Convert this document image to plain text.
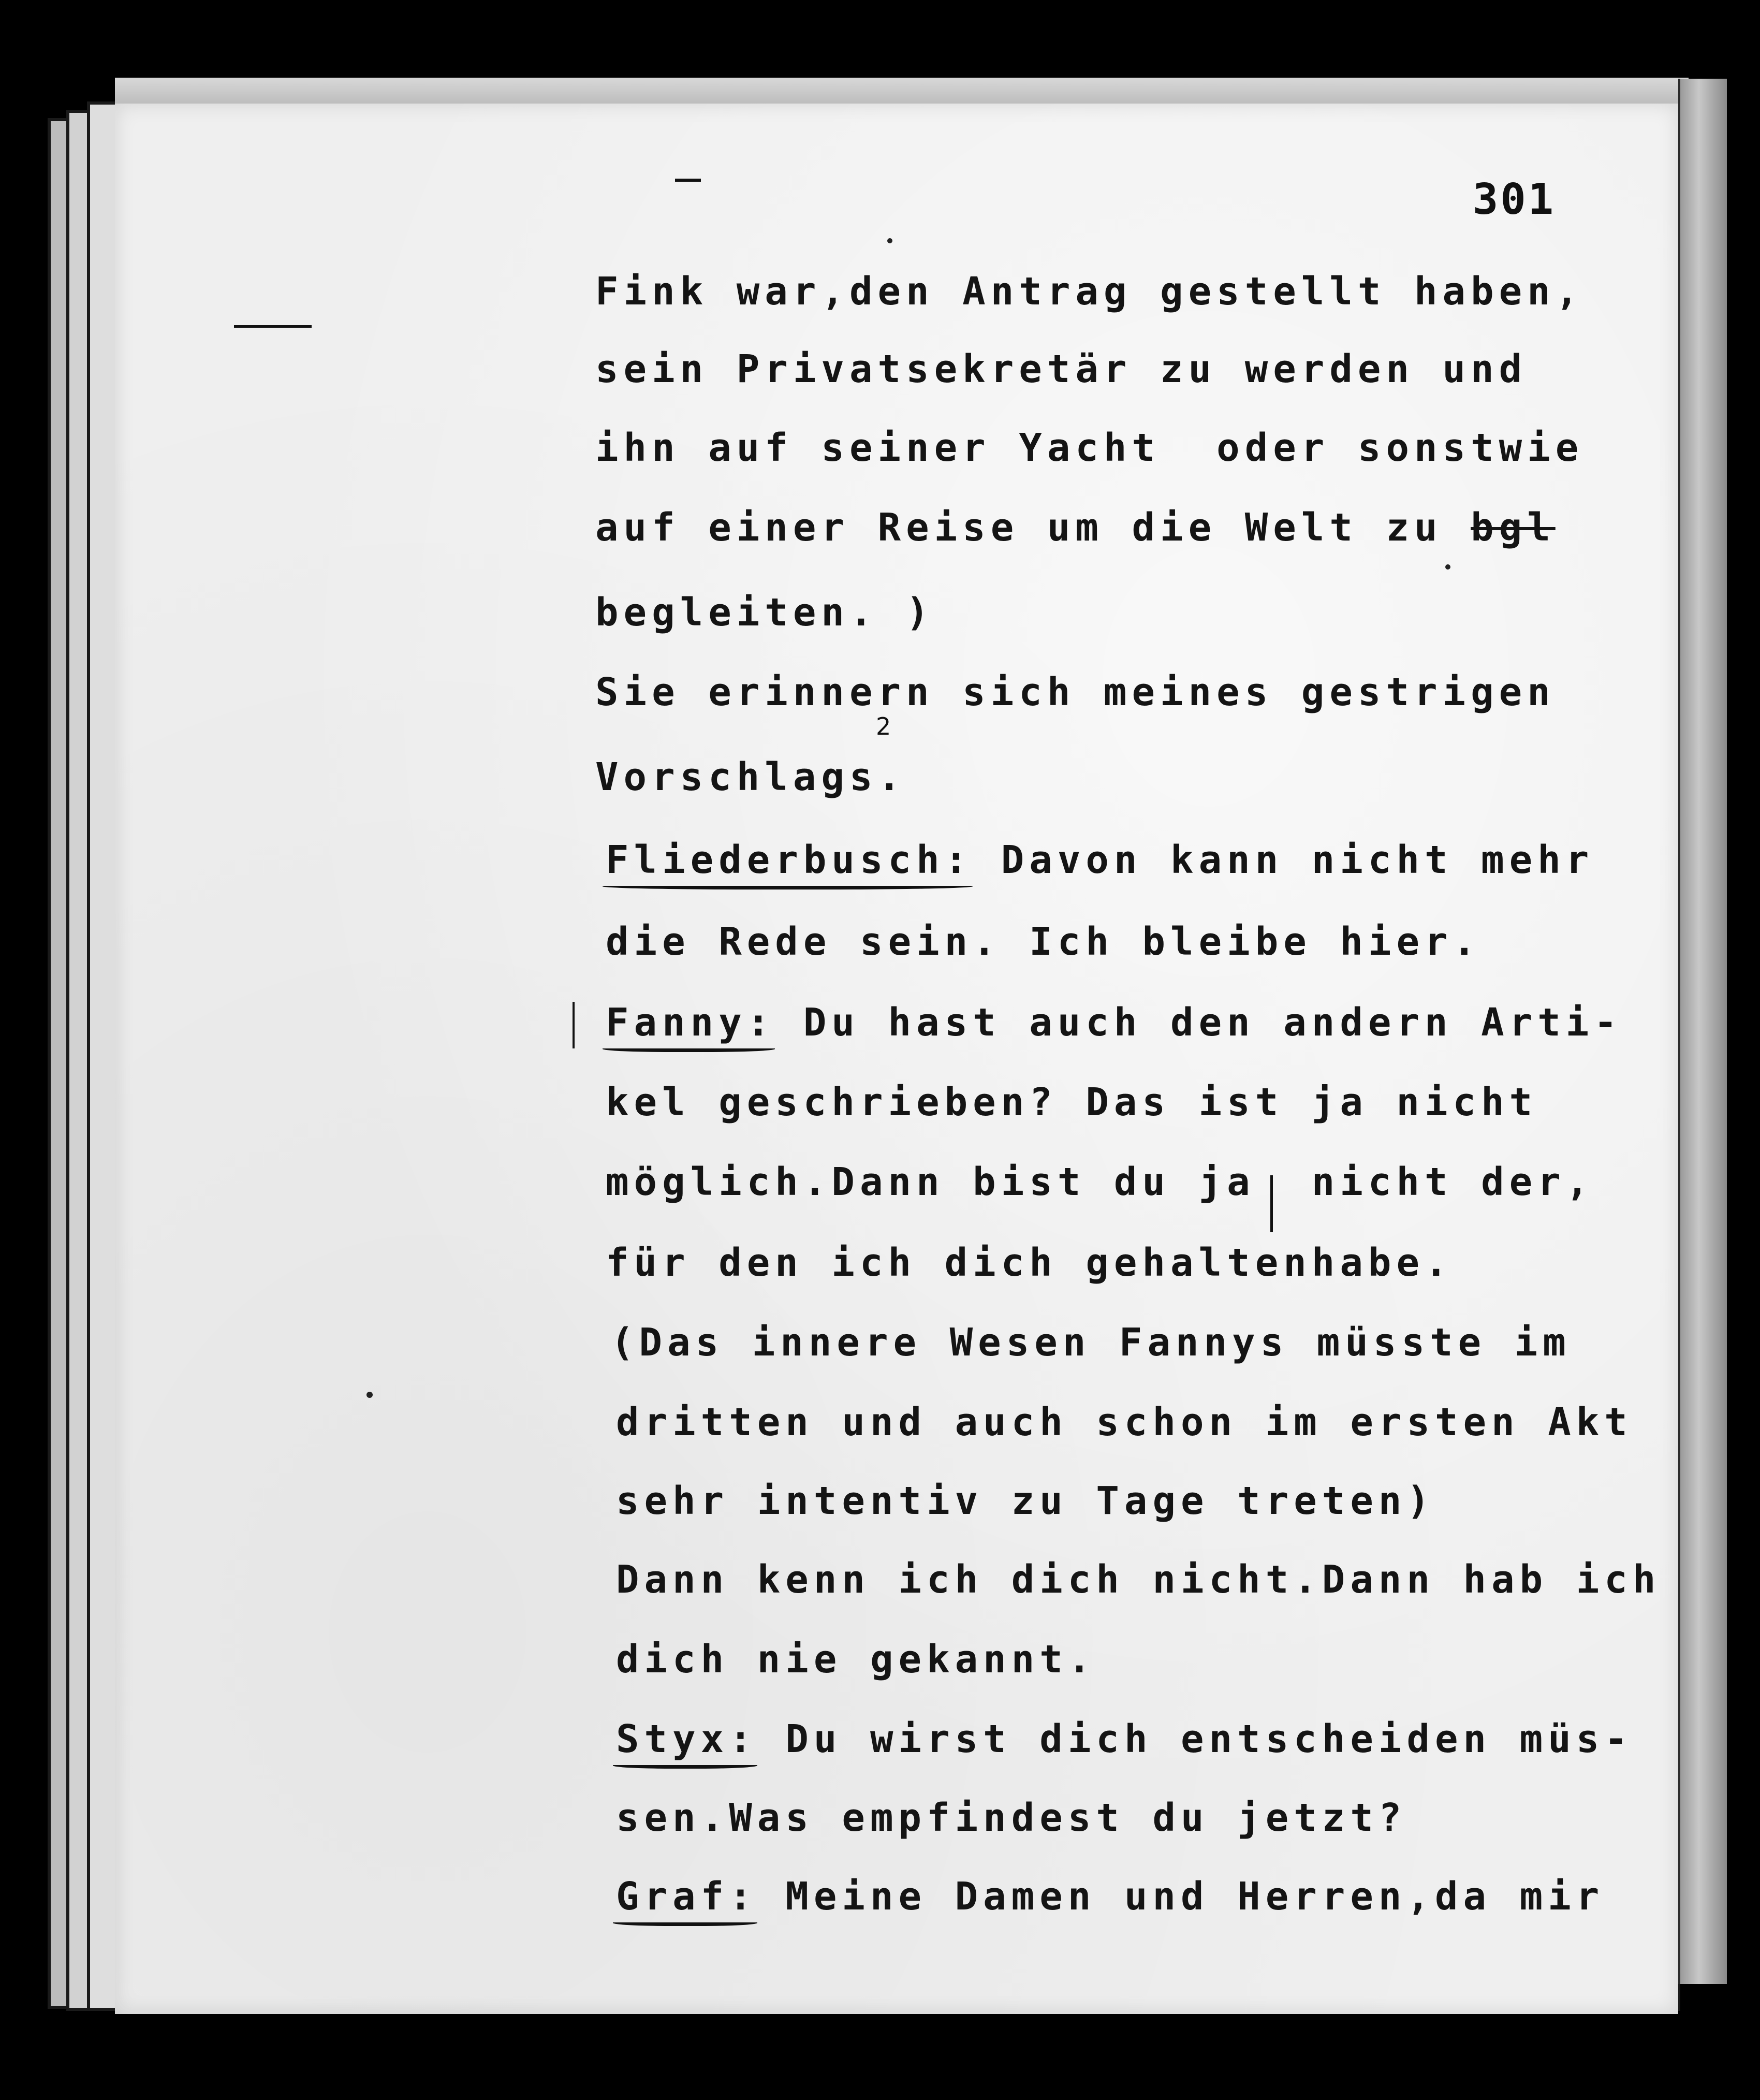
301
Fink war,den Antrag gestellt haben,
sein Privatsekretär zu werden und
ihn auf seiner Yacht  oder sonstwie
auf einer Reise um die Welt zu bgl
begleiten. )
Sie erinnern sich meines gestrigen
Vorschlags.
Fliederbusch: Davon kann nicht mehr
die Rede sein. Ich bleibe hier.
Fanny: Du hast auch den andern Arti-
kel geschrieben? Das ist ja nicht
möglich.Dann bist du ja  nicht der,
für den ich dich gehaltenhabe.
(Das innere Wesen Fannys müsste im
dritten und auch schon im ersten Akt
sehr intentiv zu Tage treten)
Dann kenn ich dich nicht.Dann hab ich
dich nie gekannt.
Styx: Du wirst dich entscheiden müs-
sen.Was empfindest du jetzt?
Graf: Meine Damen und Herren,da mir
2
